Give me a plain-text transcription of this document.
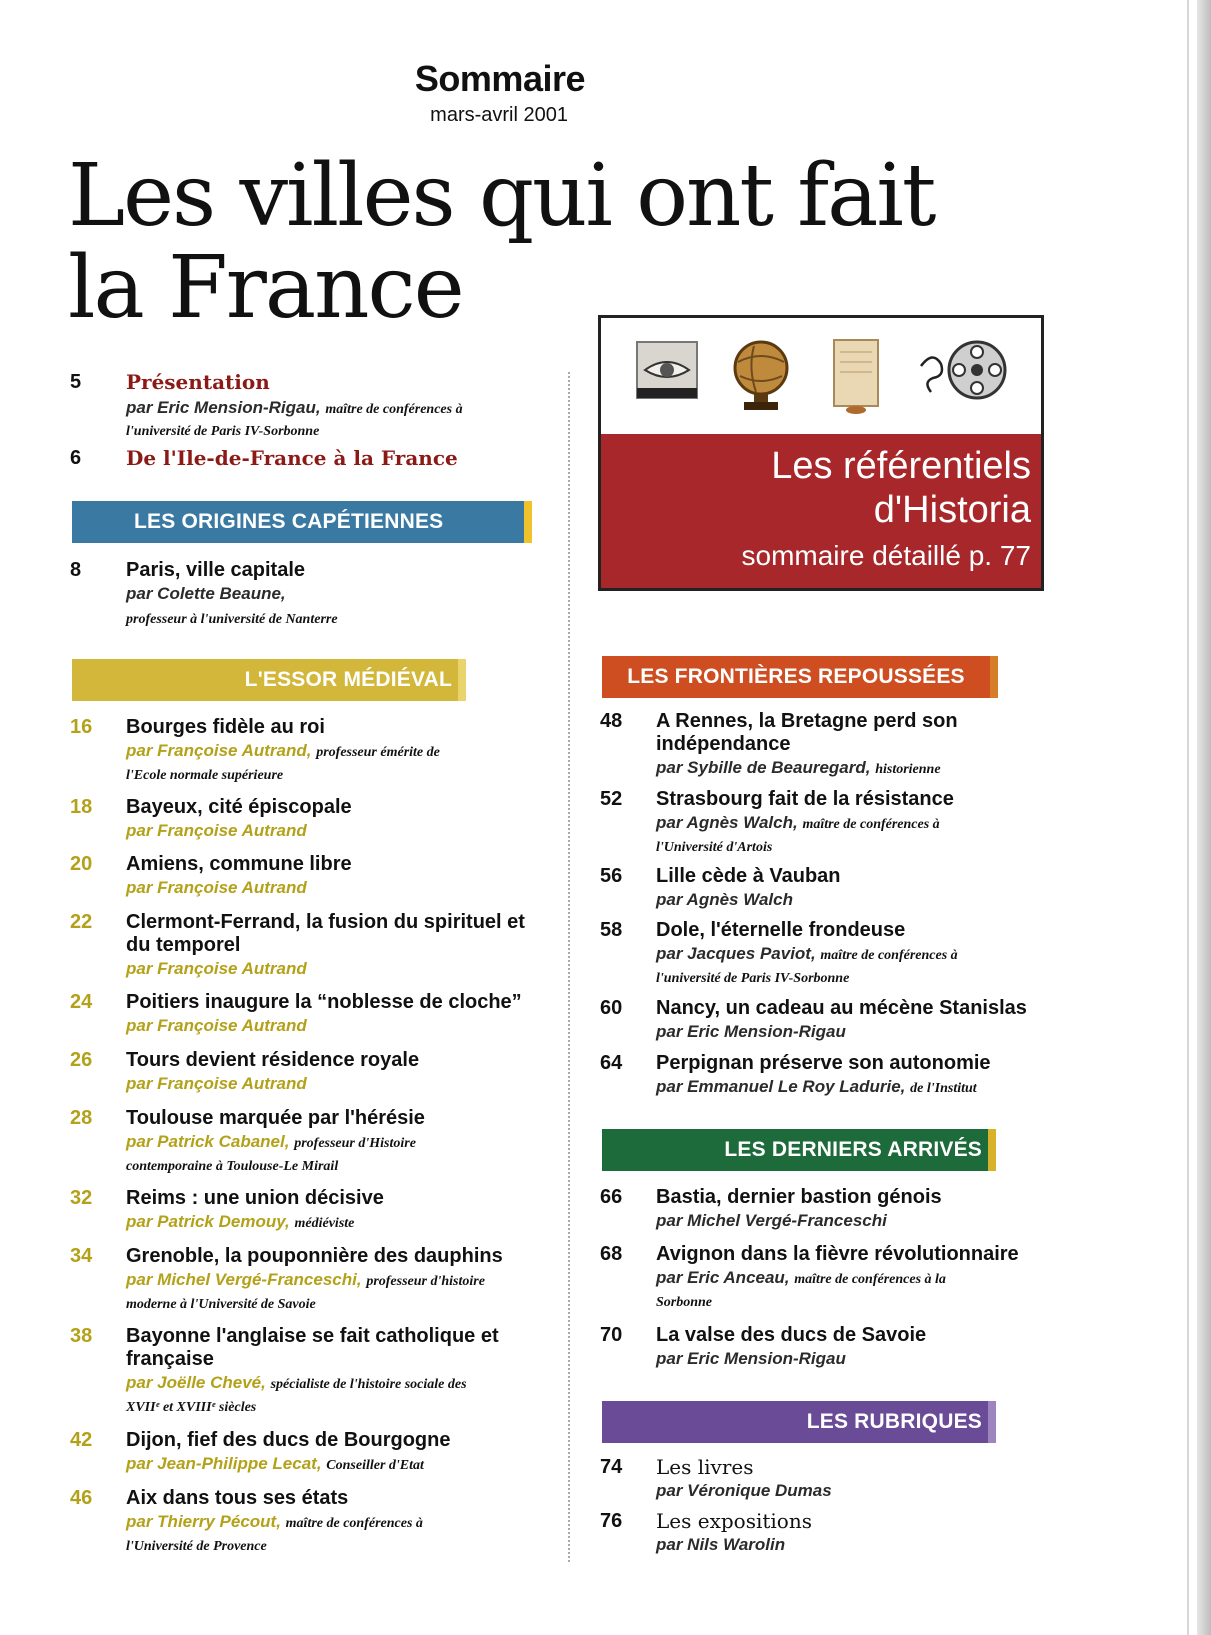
Sommaire
mars-avril 2001
Les villes qui ont fait
la France
5	Présentation
par Eric Mension-Rigau, maître de conférences à
l'université de Paris IV-Sorbonne
6	De l'Ile-de-France à la France
LES ORIGINES CAPÉTIENNES
8	Paris, ville capitale
par Colette Beaune,
professeur à l'université de Nanterre
L'ESSOR MÉDIÉVAL
16	Bourges fidèle au roi
par Françoise Autrand, professeur émérite de
l'Ecole normale supérieure
18	Bayeux, cité épiscopale
par Françoise Autrand
20	Amiens, commune libre
par Françoise Autrand
22	Clermont-Ferrand, la fusion du spirituel et
du temporel
par Françoise Autrand
24	Poitiers inaugure la “noblesse de cloche”
par Françoise Autrand
26	Tours devient résidence royale
par Françoise Autrand
28	Toulouse marquée par l'hérésie
par Patrick Cabanel, professeur d'Histoire
contemporaine à Toulouse-Le Mirail
32	Reims : une union décisive
par Patrick Demouy, médiéviste
34	Grenoble, la pouponnière des dauphins
par Michel Vergé-Franceschi, professeur d'histoire
moderne à l'Université de Savoie
38	Bayonne l'anglaise se fait catholique et
française
par Joëlle Chevé, spécialiste de l'histoire sociale des
XVIIᵉ et XVIIIᵉ siècles
42	Dijon, fief des ducs de Bourgogne
par Jean-Philippe Lecat, Conseiller d'Etat
46	Aix dans tous ses états
par Thierry Pécout, maître de conférences à
l'Université de Provence
Les référentiels
d'Historia
sommaire détaillé p. 77
LES FRONTIÈRES REPOUSSÉES
48	A Rennes, la Bretagne perd son
indépendance
par Sybille de Beauregard, historienne
52	Strasbourg fait de la résistance
par Agnès Walch, maître de conférences à
l'Université d'Artois
56	Lille cède à Vauban
par Agnès Walch
58	Dole, l'éternelle frondeuse
par Jacques Paviot, maître de conférences à
l'université de Paris IV-Sorbonne
60	Nancy, un cadeau au mécène Stanislas
par Eric Mension-Rigau
64	Perpignan préserve son autonomie
par Emmanuel Le Roy Ladurie, de l'Institut
LES DERNIERS ARRIVÉS
66	Bastia, dernier bastion génois
par Michel Vergé-Franceschi
68	Avignon dans la fièvre révolutionnaire
par Eric Anceau, maître de conférences à la
Sorbonne
70	La valse des ducs de Savoie
par Eric Mension-Rigau
LES RUBRIQUES
74	Les livres
par Véronique Dumas
76	Les expositions
par Nils Warolin
